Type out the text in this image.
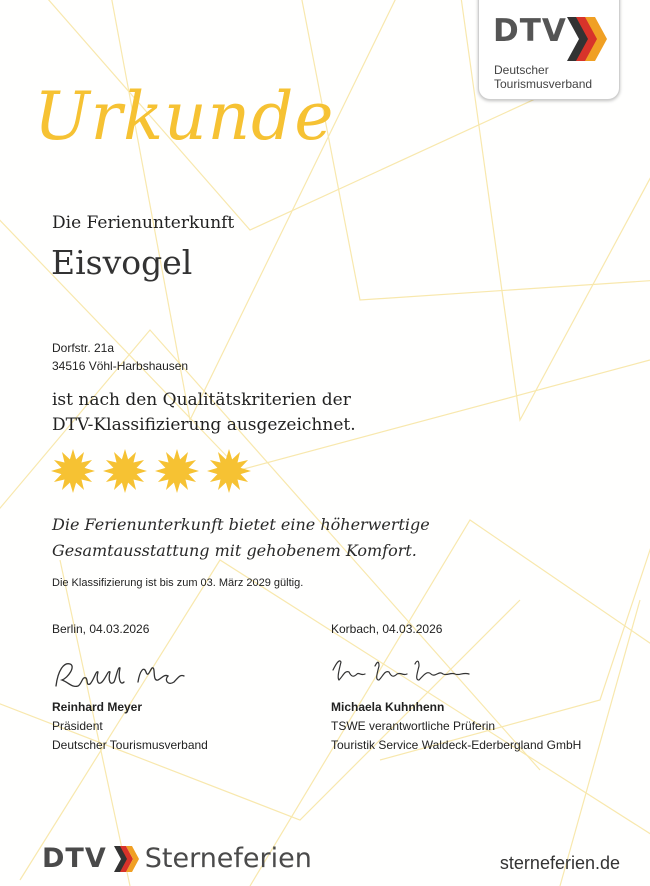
DTV
Deutscher
Tourismusverband
Urkunde
Die Ferienunterkunft
Eisvogel
Dorfstr. 21a
34516 Vöhl-Harbshausen
ist nach den Qualitätskriterien der
DTV-Klassifizierung ausgezeichnet.
Die Ferienunterkunft bietet eine höherwertige
Gesamtausstattung mit gehobenem Komfort.
Die Klassifizierung ist bis zum 03. März 2029 gültig.
Berlin, 04.03.2026	Korbach, 04.03.2026
Reinhard Meyer
Präsident
Deutscher Tourismusverband
Michaela Kuhnhenn
TSWE verantwortliche Prüferin
Touristik Service Waldeck-Ederbergland GmbH
DTV Sterneferien	sterneferien.de
